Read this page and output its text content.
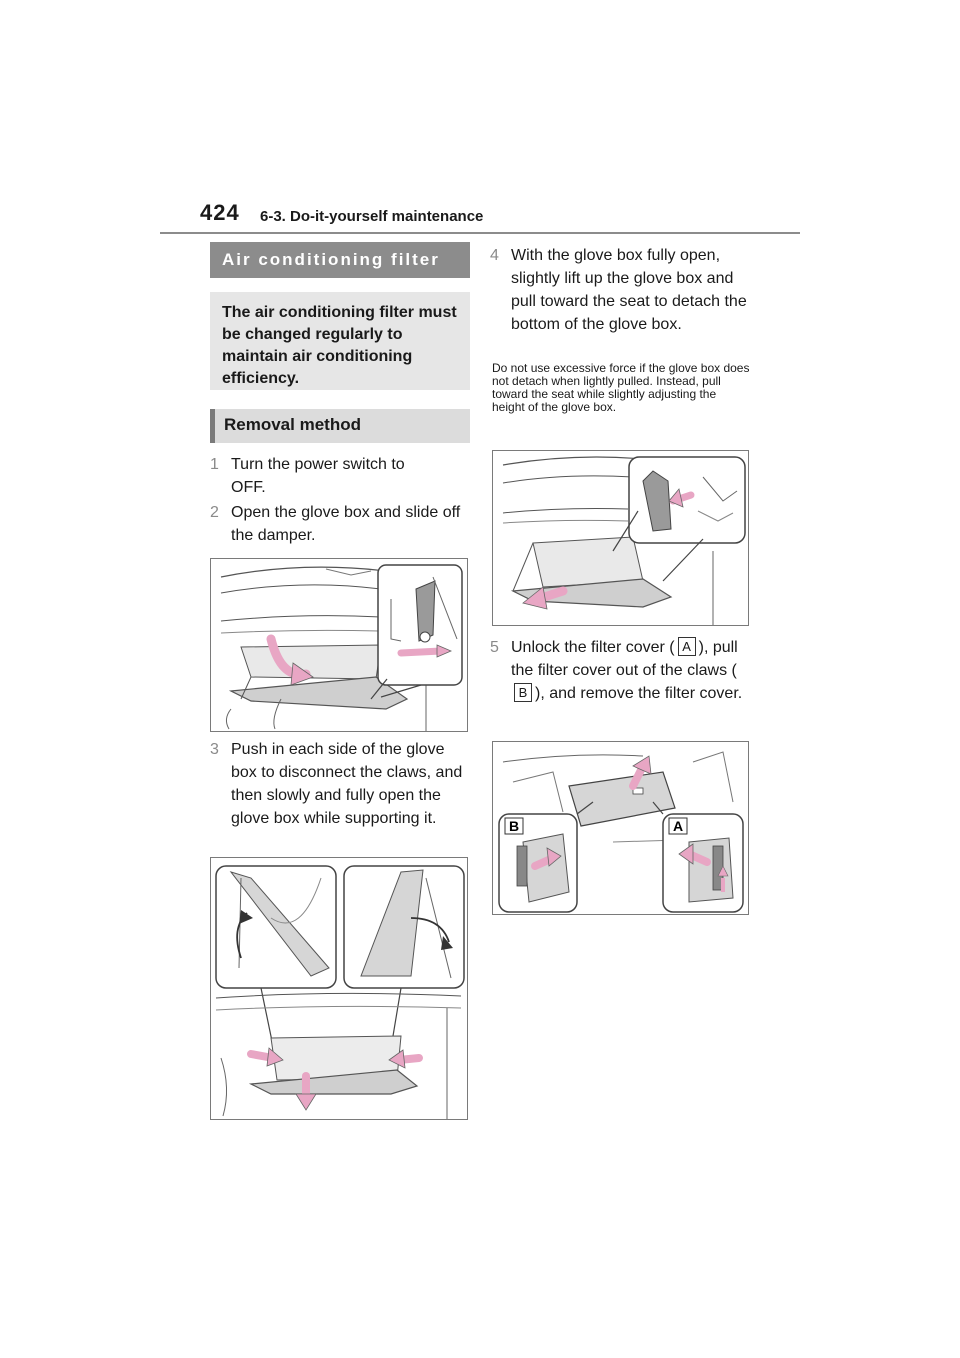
424 6-3. Do-it-yourself maintenance
Air conditioning filter
The air conditioning filter must be changed regularly to maintain air conditioning efficiency.
Removal method
1 Turn the power switch to OFF.
2 Open the glove box and slide off the damper.
3 Push in each side of the glove box to disconnect the claws, and then slowly and fully open the glove box while supporting it.
4 With the glove box fully open, slightly lift up the glove box and pull toward the seat to detach the bottom of the glove box.
Do not use excessive force if the glove box does not detach when lightly pulled. Instead, pull toward the seat while slightly adjusting the height of the glove box.
5 Unlock the filter cover ( A ), pull the filter cover out of the claws (B ), and remove the filter cover.
B	A
